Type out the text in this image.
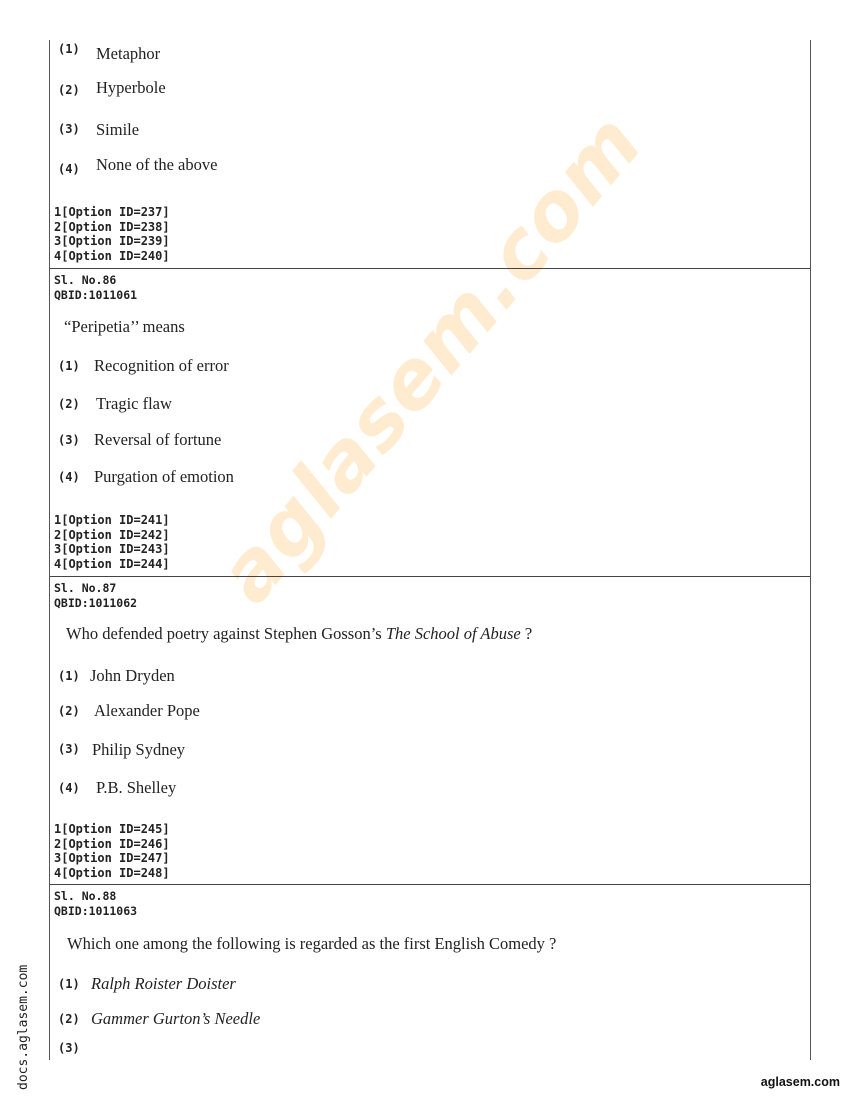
aglasem.com
(1) Metaphor
(2) Hyperbole
(3) Simile
(4) None of the above
1[Option ID=237]
2[Option ID=238]
3[Option ID=239]
4[Option ID=240]
Sl. No.86
QBID:1011061
“Peripetia’’ means
(1) Recognition of error
(2) Tragic flaw
(3) Reversal of fortune
(4) Purgation of emotion
1[Option ID=241]
2[Option ID=242]
3[Option ID=243]
4[Option ID=244]
Sl. No.87
QBID:1011062
Who defended poetry against Stephen Gosson’s The School of Abuse ?
(1) John Dryden
(2) Alexander Pope
(3) Philip Sydney
(4) P.B. Shelley
1[Option ID=245]
2[Option ID=246]
3[Option ID=247]
4[Option ID=248]
Sl. No.88
QBID:1011063
Which one among the following is regarded as the first English Comedy ?
(1) Ralph Roister Doister
(2) Gammer Gurton’s Needle
(3)
docs.aglasem.com	aglasem.com
